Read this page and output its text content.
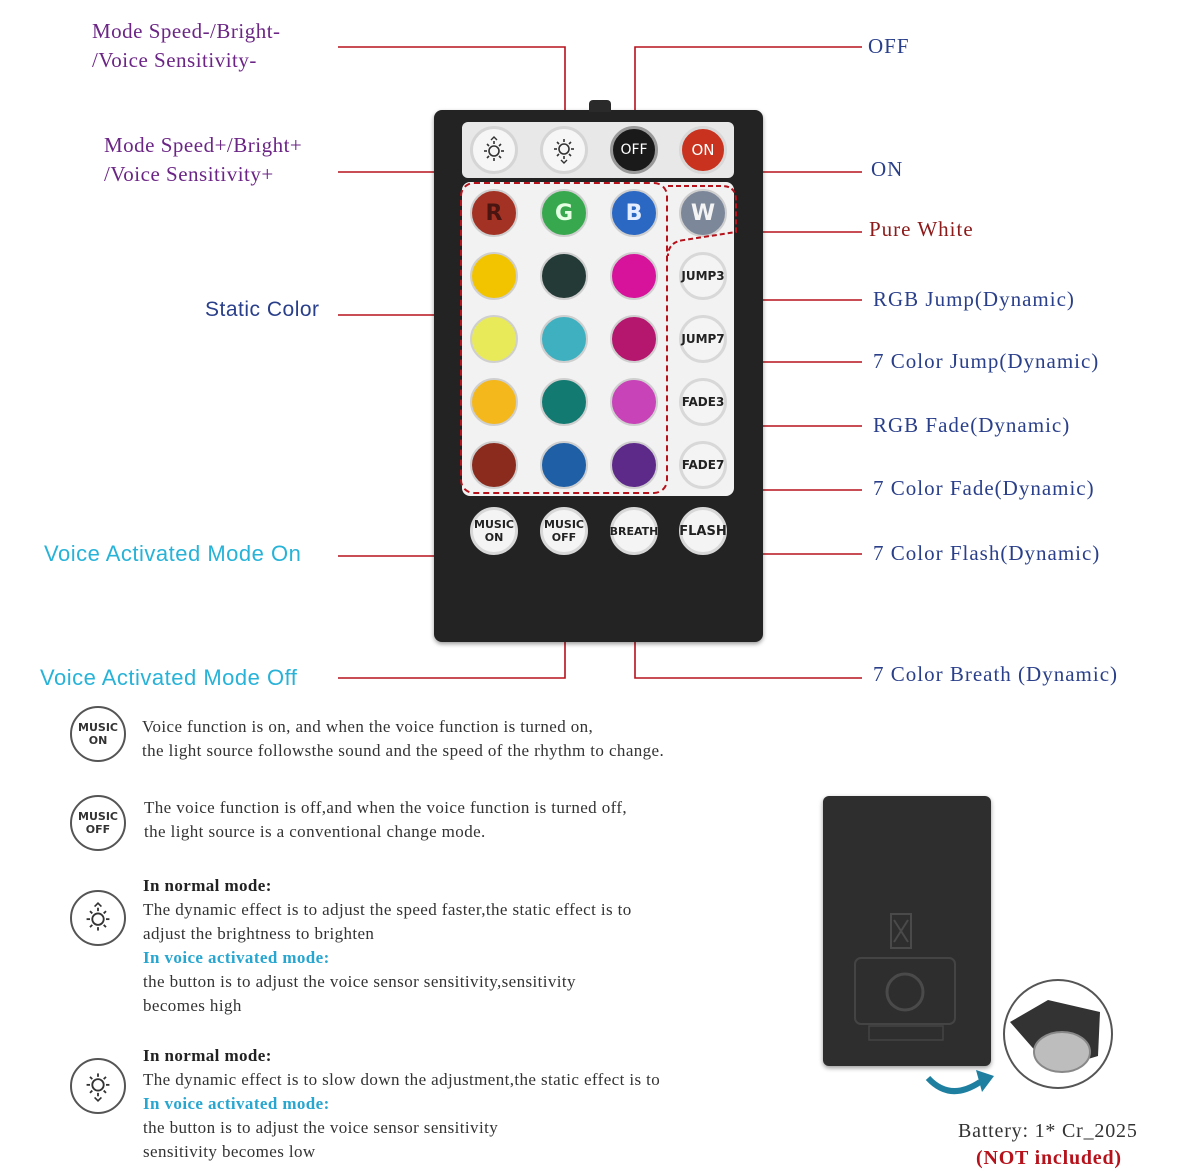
Mode Speed-/Bright-
/Voice Sensitivity-
Mode Speed+/Bright+
/Voice Sensitivity+
Static Color
Voice Activated Mode On
Voice Activated Mode Off
OFF
ON
Pure White
RGB Jump(Dynamic)
7 Color Jump(Dynamic)
RGB Fade(Dynamic)
7 Color Fade(Dynamic)
7 Color Flash(Dynamic)
7 Color Breath (Dynamic)
OFF	ON
R	G	B	W
JUMP3
JUMP7
FADE3
FADE7
MUSIC
ON
MUSIC
OFF	BREATH FLASH
MUSIC
ON
Voice function is on, and when the voice function is turned on,
the light source followsthe sound and the speed of the rhythm to change.
MUSIC
OFF
The voice function is off,and when the voice function is turned off,
the light source is a conventional change mode.
In normal mode:
The dynamic effect is to adjust the speed faster,the static effect is to
adjust the brightness to brighten
In voice activated mode:
the button is to adjust the voice sensor sensitivity,sensitivity
becomes high
In normal mode:
The dynamic effect is to slow down the adjustment,the static effect is to
In voice activated mode:
the button is to adjust the voice sensor sensitivity
sensitivity becomes low
Battery: 1* Cr_2025
(NOT included)
